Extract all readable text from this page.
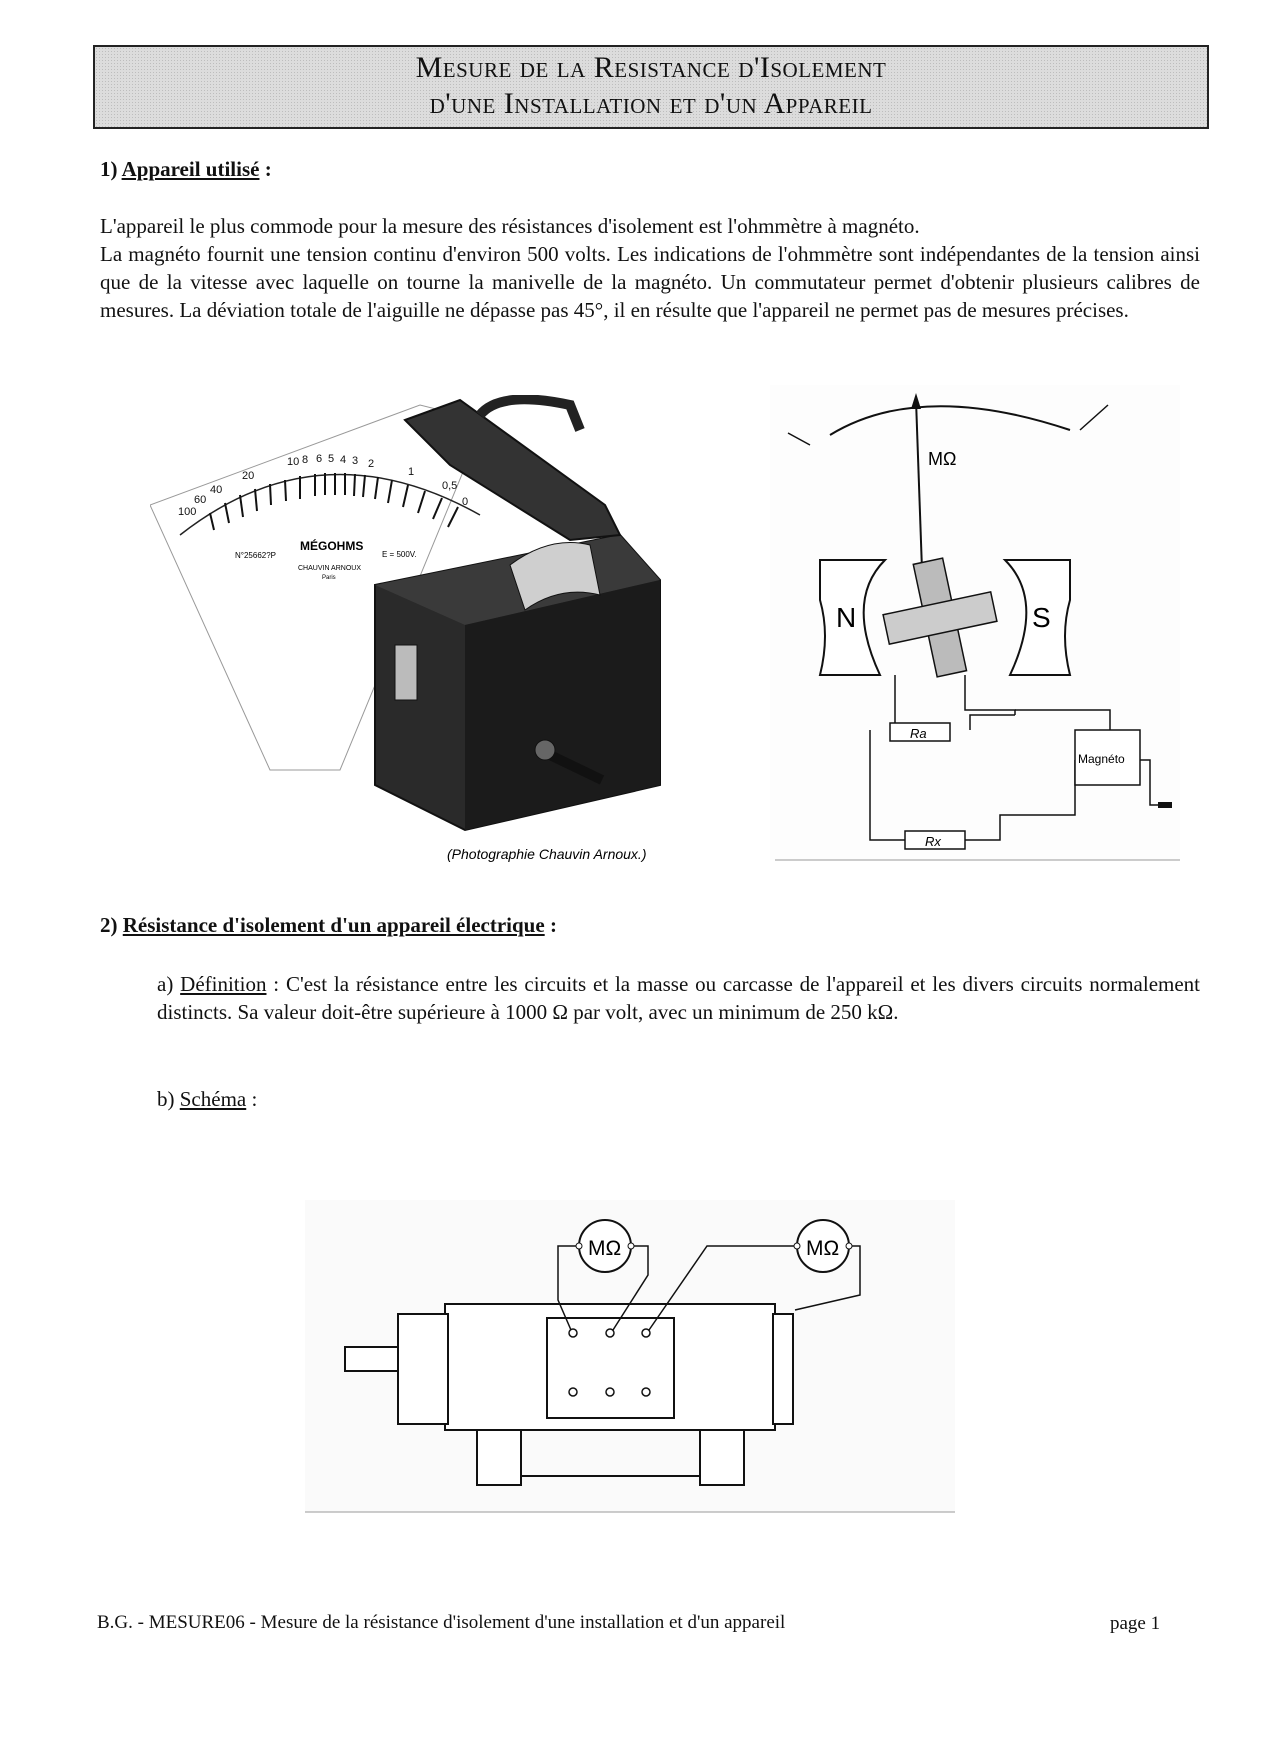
Mesure de la Resistance d'Isolement
d'une Installation et d'un Appareil
1) Appareil utilisé :

L'appareil le plus commode pour la mesure des résistances d'isolement est l'ohmmètre à magnéto.

La magnéto fournit une tension continu d'environ 500 volts. Les indications de l'ohmmètre sont indépendantes de la tension ainsi que de la vitesse avec laquelle on tourne la manivelle de la magnéto. Un commutateur permet d'obtenir plusieurs calibres de mesures. La déviation totale de l'aiguille ne dépasse pas 45°, il en résulte que l'appareil ne permet pas de mesures précises.

100
60
40
20
10 8 6 5 4 3 2
1
0,5
0
MÉGOHMS
N°25662?P	E = 500V.
CHAUVIN ARNOUX
Paris
(Photographie Chauvin Arnoux.)
MΩ
N	S
Ra
Rx
Magnéto
2) Résistance d'isolement d'un appareil électrique :
a) Définition : C'est la résistance entre les circuits et la masse ou carcasse de l'appareil et les divers circuits normalement distincts. Sa valeur doit-être supérieure à 1000 Ω par volt, avec un minimum de 250 kΩ.
b) Schéma :
MΩ	MΩ
B.G. - MESURE06 - Mesure de la résistance d'isolement d'une installation et d'un appareil	page 1
